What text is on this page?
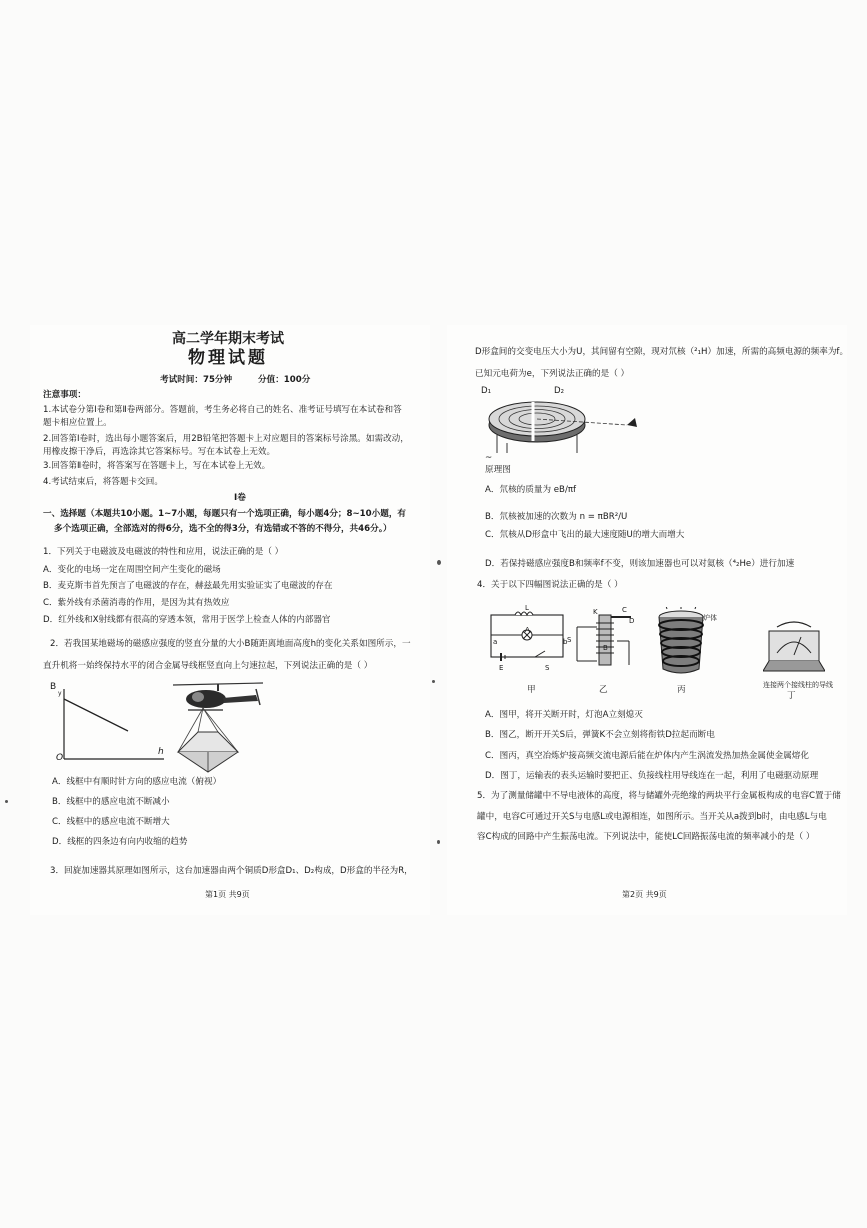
高二学年期末考试
物理试题
考试时间：75分钟	分值：100分
注意事项：
1.本试卷分第Ⅰ卷和第Ⅱ卷两部分。答题前，考生务必将自己的姓名、准考证号填写在本试卷和答
题卡相应位置上。
2.回答第Ⅰ卷时，选出每小题答案后，用2B铅笔把答题卡上对应题目的答案标号涂黑。如需改动，
用橡皮擦干净后，再选涂其它答案标号。写在本试卷上无效。
3.回答第Ⅱ卷时，将答案写在答题卡上，写在本试卷上无效。
4.考试结束后，将答题卡交回。
Ⅰ卷
一、选择题（本题共10小题。1~7小题，每题只有一个选项正确，每小题4分；8~10小题，有
多个选项正确，全部选对的得6分，选不全的得3分，有选错或不答的不得分，共46分。）
1．下列关于电磁波及电磁波的特性和应用，说法正确的是（ ）
A．变化的电场一定在周围空间产生变化的磁场
B．麦克斯韦首先预言了电磁波的存在，赫兹最先用实验证实了电磁波的存在
C．紫外线有杀菌消毒的作用，是因为其有热效应
D．红外线和X射线都有很高的穿透本领，常用于医学上检查人体的内部器官
2．若我国某地磁场的磁感应强度的竖直分量的大小B随距离地面高度h的变化关系如图所示，一
直升机将一始终保持水平的闭合金属导线框竖直向上匀速拉起，下列说法正确的是（ ）
B
y
O
h
A．线框中有顺时针方向的感应电流（俯视）
B．线框中的感应电流不断减小
C．线框中的感应电流不断增大
D．线框的四条边有向内收缩的趋势
3．回旋加速器其原理如图所示，这台加速器由两个铜质D形盒D₁、D₂构成，D形盒的半径为R，
第1页 共9页
D形盒间的交变电压大小为U，其间留有空隙，现对氘核（²₁H）加速，所需的高频电源的频率为f。
已知元电荷为e，下列说法正确的是（ ）
D₁	D₂
~
原理图
A．氘核的质量为 eB/πf
B．氘核被加速的次数为 n = πBR²/U
C．氘核从D形盒中飞出的最大速度随U的增大而增大
D．若保持磁感应强度B和频率f不变，则该加速器也可以对氦核（⁴₂He）进行加速
4．关于以下四幅图说法正确的是（ ）
L
A
a	b
E	S
甲
K	C
D
S
B
乙
炉体
丙	连接两个接线柱的导线
丁
A．图甲，将开关断开时，灯泡A立刻熄灭
B．图乙，断开开关S后，弹簧K不会立刻将衔铁D拉起而断电
C．图丙，真空冶炼炉接高频交流电源后能在炉体内产生涡流发热加热金属使金属熔化
D．图丁，运输表的表头运输时要把正、负接线柱用导线连在一起，利用了电磁驱动原理
5．为了测量储罐中不导电液体的高度，将与储罐外壳绝缘的两块平行金属板构成的电容C置于储
罐中，电容C可通过开关S与电感L或电源相连，如图所示。当开关从a拨到b时，由电感L与电
容C构成的回路中产生振荡电流。下列说法中，能使LC回路振荡电流的频率减小的是（ ）
第2页 共9页
